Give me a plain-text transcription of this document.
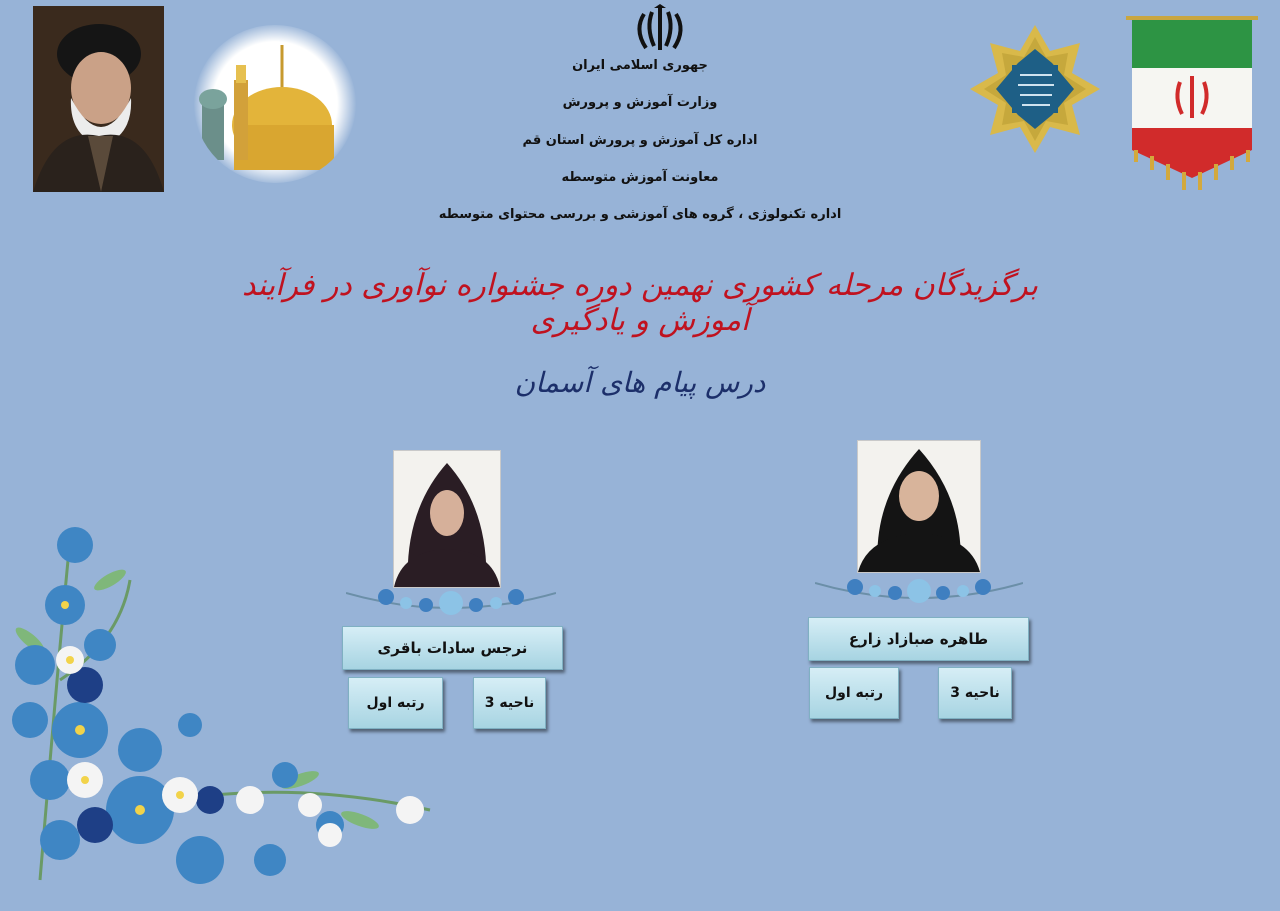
جهوری اسلامی ایران
وزارت آموزش و پرورش
اداره کل آموزش و پرورش استان قم
معاونت آموزش متوسطه
اداره تکنولوژی ، گروه های آموزشی و بررسی محتوای متوسطه
برگزیدگان مرحله کشوری نهمین دوره جشنواره نوآوری در فرآیند آموزش و یادگیری
درس پیام های آسمان
طاهره صبازاد زارع
رتبه اول	ناحیه 3
نرجس سادات باقری
رتبه اول	ناحیه 3
